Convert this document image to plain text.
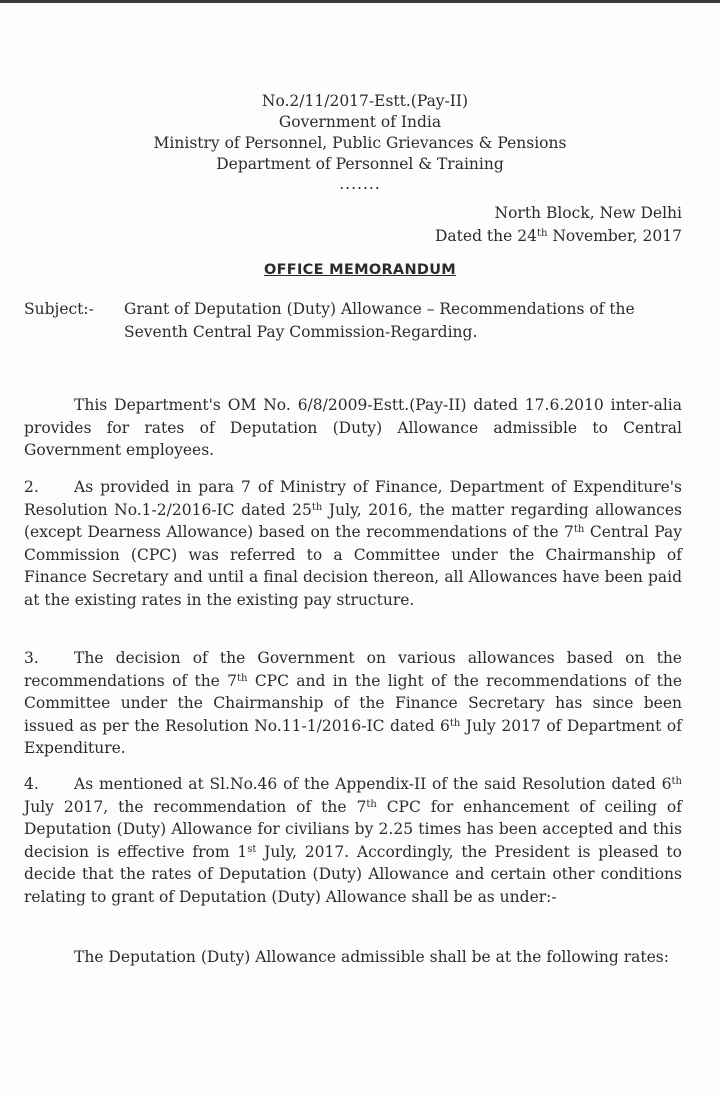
No.2/11/2017-Estt.(Pay-II)
Government of India
Ministry of Personnel, Public Grievances & Pensions
Department of Personnel & Training
.......
North Block, New Delhi
Dated the 24th November, 2017
OFFICE MEMORANDUM
Subject:- Grant of Deputation (Duty) Allowance – Recommendations of the Seventh Central Pay Commission-Regarding.

This Department's OM No. 6/8/2009-Estt.(Pay-II) dated 17.6.2010 inter-alia provides for rates of Deputation (Duty) Allowance admissible to Central Government employees.

2. As provided in para 7 of Ministry of Finance, Department of Expenditure's Resolution No.1-2/2016-IC dated 25th July, 2016, the matter regarding allowances (except Dearness Allowance) based on the recommendations of the 7th Central Pay Commission (CPC) was referred to a Committee under the Chairmanship of Finance Secretary and until a final decision thereon, all Allowances have been paid at the existing rates in the existing pay structure.

3. The decision of the Government on various allowances based on the recommendations of the 7th CPC and in the light of the recommendations of the Committee under the Chairmanship of the Finance Secretary has since been issued as per the Resolution No.11-1/2016-IC dated 6th July 2017 of Department of Expenditure.

4. As mentioned at Sl.No.46 of the Appendix-II of the said Resolution dated 6th July 2017, the recommendation of the 7th CPC for enhancement of ceiling of Deputation (Duty) Allowance for civilians by 2.25 times has been accepted and this decision is effective from 1st July, 2017. Accordingly, the President is pleased to decide that the rates of Deputation (Duty) Allowance and certain other conditions relating to grant of Deputation (Duty) Allowance shall be as under:-

The Deputation (Duty) Allowance admissible shall be at the following rates:
